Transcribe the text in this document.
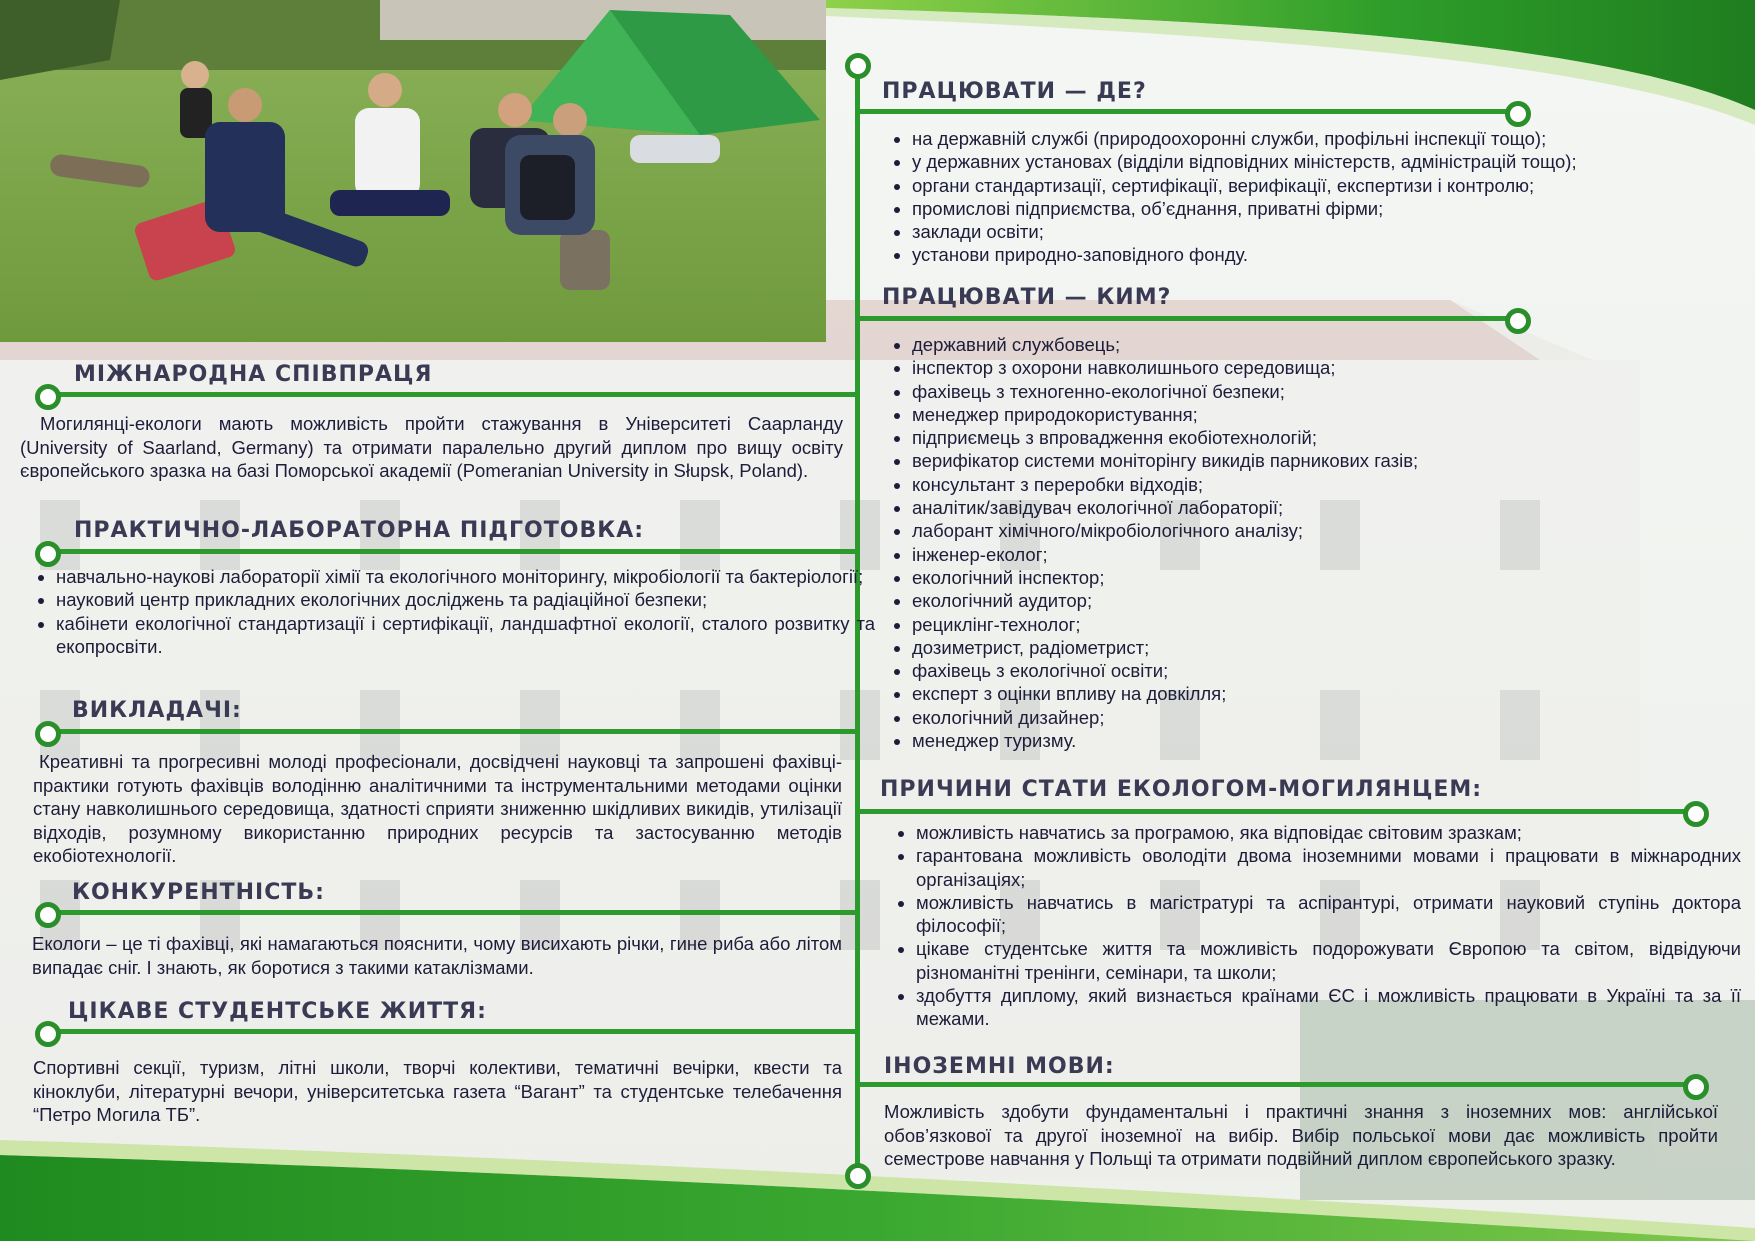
МІЖНАРОДНА СПІВПРАЦЯ

Могилянці-екологи мають можливість пройти стажування в Університеті Саарланду (University of Saarland, Germany) та отримати паралельно другий диплом про вищу освіту європейського зразка на базі Поморської академії (Pomeranian University in Słupsk, Poland).

ПРАКТИЧНО-ЛАБОРАТОРНА ПІДГОТОВКА:
• навчально-наукові лабораторії хімії та екологічного моніторингу, мікробіології та бактеріології;
• науковий центр прикладних екологічних досліджень та радіаційної безпеки;
• кабінети екологічної стандартизації і сертифікації, ландшафтної екології, сталого розвитку та екопросвіти.
ВИКЛАДАЧІ:

Креативні та прогресивні молоді професіонали, досвідчені науковці та запрошені фахівці-практики готують фахівців володінню аналітичними та інструментальними методами оцінки стану навколишнього середовища, здатності сприяти зниженню шкідливих викидів, утилізації відходів, розумному використанню природних ресурсів та застосуванню методів екобіотехнології.

КОНКУРЕНТНІСТЬ:

Екологи – це ті фахівці, які намагаються пояснити, чому висихають річки, гине риба або літом випадає сніг. І знають, як боротися з такими катаклізмами.

ЦІКАВЕ СТУДЕНТСЬКЕ ЖИТТЯ:

Спортивні секції, туризм, літні школи, творчі колективи, тематичні вечірки, квести та кіноклуби, літературні вечори, університетська газета “Вагант” та студентське телебачення “Петро Могила ТБ”.

ПРАЦЮВАТИ — ДЕ?
• на державній службі (природоохоронні служби, профільні інспекції тощо);
• у державних установах (відділи відповідних міністерств, адміністрацій тощо);
• органи стандартизації, сертифікації, верифікації, експертизи і контролю;
• промислові підприємства, об’єднання, приватні фірми;
• заклади освіти;
• установи природно-заповідного фонду.
ПРАЦЮВАТИ — КИМ?
• державний службовець;
• інспектор з охорони навколишнього середовища;
• фахівець з техногенно-екологічної безпеки;
• менеджер природокористування;
• підприємець з впровадження екобіотехнологій;
• верифікатор системи моніторінгу викидів парникових газів;
• консультант з переробки відходів;
• аналітик/завідувач екологічної лабораторії;
• лаборант хімічного/мікробіологічного аналізу;
• інженер-еколог;
• екологічний інспектор;
• екологічний аудитор;
• рециклінг-технолог;
• дозиметрист, радіометрист;
• фахівець з екологічної освіти;
• експерт з оцінки впливу на довкілля;
• екологічний дизайнер;
• менеджер туризму.
ПРИЧИНИ СТАТИ ЕКОЛОГОМ-МОГИЛЯНЦЕМ:
• можливість навчатись за програмою, яка відповідає світовим зразкам;
• гарантована можливість оволодіти двома іноземними мовами і працювати в міжнародних організаціях;
• можливість навчатись в магістратурі та аспірантурі, отримати науковий ступінь доктора філософії;
• цікаве студентське життя та можливість подорожувати Європою та світом, відвідуючи різноманітні тренінги, семінари, та школи;
• здобуття диплому, який визнається країнами ЄС і можливість працювати в Україні та за її межами.
ІНОЗЕМНІ МОВИ:

Можливість здобути фундаментальні і практичні знання з іноземних мов: англійської обов’язкової та другої іноземної на вибір. Вибір польської мови дає можливість пройти семестрове навчання у Польщі та отримати подвійний диплом європейського зразку.
